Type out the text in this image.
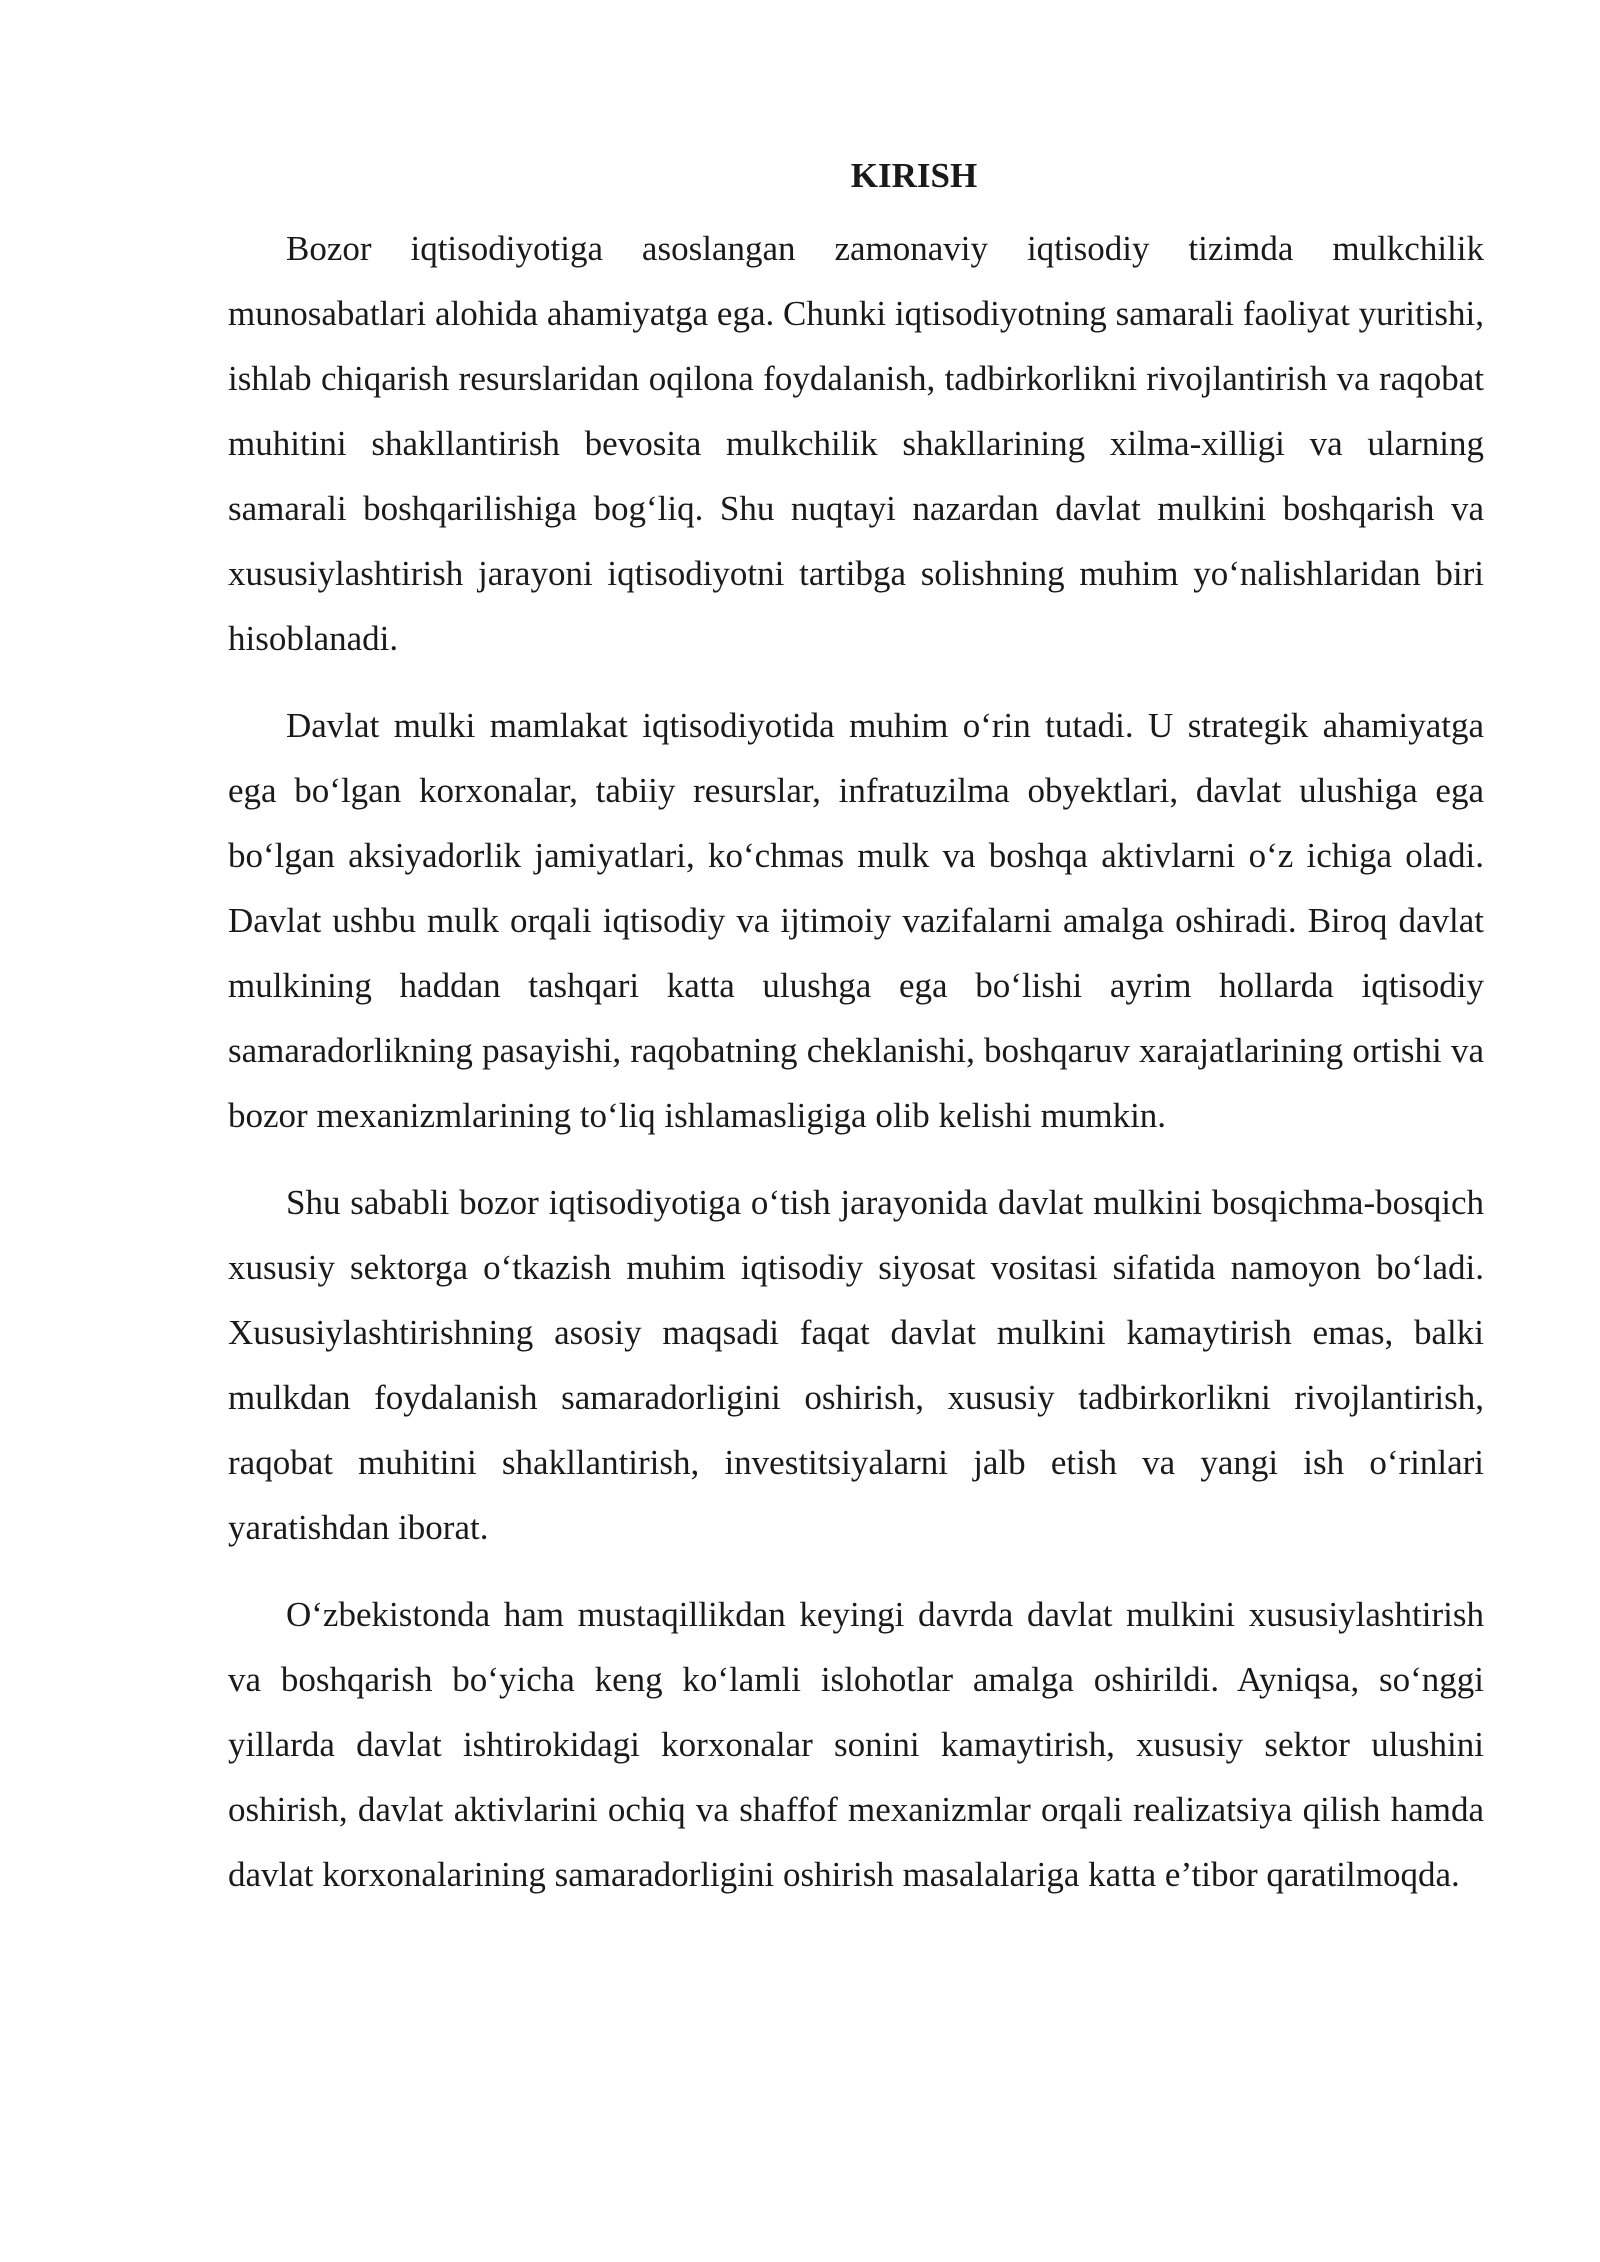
KIRISH

Bozor iqtisodiyotiga asoslangan zamonaviy iqtisodiy tizimda mulkchilik munosabatlari alohida ahamiyatga ega. Chunki iqtisodiyotning samarali faoliyat yuritishi, ishlab chiqarish resurslaridan oqilona foydalanish, tadbirkorlikni rivojlantirish va raqobat muhitini shakllantirish bevosita mulkchilik shakllarining xilma-xilligi va ularning samarali boshqarilishiga bog‘liq. Shu nuqtayi nazardan davlat mulkini boshqarish va xususiylashtirish jarayoni iqtisodiyotni tartibga solishning muhim yo‘nalishlaridan biri hisoblanadi.

Davlat mulki mamlakat iqtisodiyotida muhim o‘rin tutadi. U strategik ahamiyatga ega bo‘lgan korxonalar, tabiiy resurslar, infratuzilma obyektlari, davlat ulushiga ega bo‘lgan aksiyadorlik jamiyatlari, ko‘chmas mulk va boshqa aktivlarni o‘z ichiga oladi. Davlat ushbu mulk orqali iqtisodiy va ijtimoiy vazifalarni amalga oshiradi. Biroq davlat mulkining haddan tashqari katta ulushga ega bo‘lishi ayrim hollarda iqtisodiy samaradorlikning pasayishi, raqobatning cheklanishi, boshqaruv xarajatlarining ortishi va bozor mexanizmlarining to‘liq ishlamasligiga olib kelishi mumkin.

Shu sababli bozor iqtisodiyotiga o‘tish jarayonida davlat mulkini bosqichma-bosqich xususiy sektorga o‘tkazish muhim iqtisodiy siyosat vositasi sifatida namoyon bo‘ladi. Xususiylashtirishning asosiy maqsadi faqat davlat mulkini kamaytirish emas, balki mulkdan foydalanish samaradorligini oshirish, xususiy tadbirkorlikni rivojlantirish, raqobat muhitini shakllantirish, investitsiyalarni jalb etish va yangi ish o‘rinlari yaratishdan iborat.

O‘zbekistonda ham mustaqillikdan keyingi davrda davlat mulkini xususiylashtirish va boshqarish bo‘yicha keng ko‘lamli islohotlar amalga oshirildi. Ayniqsa, so‘nggi yillarda davlat ishtirokidagi korxonalar sonini kamaytirish, xususiy sektor ulushini oshirish, davlat aktivlarini ochiq va shaffof mexanizmlar orqali realizatsiya qilish hamda davlat korxonalarining samaradorligini oshirish masalalariga katta e’tibor qaratilmoqda.
